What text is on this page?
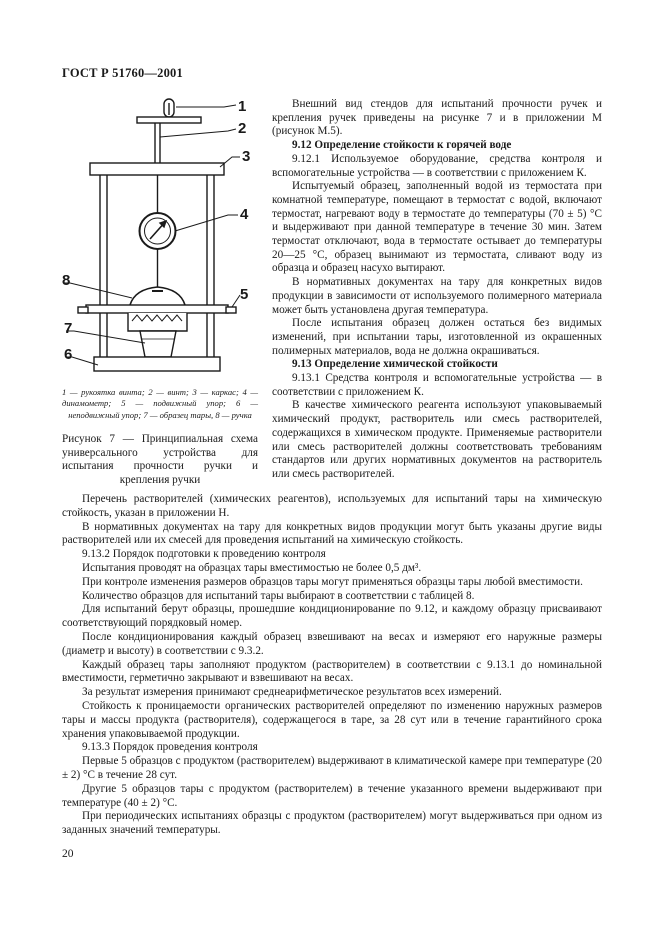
ГОСТ Р 51760—2001
1
2
3
4
5
8
7
6
1 — рукоятка винта; 2 — винт; 3 — каркас; 4 — динамометр; 5 — подвижный упор; 6 — неподвижный упор; 7 — образец тары, 8 — ручка
Рисунок 7 — Принципиальная схема универсального устройства для испытания прочности ручки и крепления ручки

Внешний вид стендов для испытаний прочности ручек и крепления ручек приведены на рисунке 7 и в приложении М (рисунок М.5).

9.12 Определение стойкости к горячей воде

9.12.1 Используемое оборудование, средства контроля и вспомогательные устройства — в соответствии с приложением К.

Испытуемый образец, заполненный водой из термостата при комнатной температуре, помещают в термостат с водой, включают термостат, нагревают воду в термостате до температуры (70 ± 5) °С и выдерживают при данной температуре в течение 30 мин. Затем термостат отключают, вода в термостате остывает до температуры 20—25 °С, образец вынимают из термостата, сливают воду из образца и образец насухо вытирают.

В нормативных документах на тару для конкретных видов продукции в зависимости от используемого полимерного материала может быть установлена другая температура.

После испытания образец должен остаться без видимых изменений, при испытании тары, изготовленной из окрашенных полимерных материалов, вода не должна окрашиваться.

9.13 Определение химической стойкости

9.13.1 Средства контроля и вспомогательные устройства — в соответствии с приложением К.

В качестве химического реагента используют упаковываемый химический продукт, растворитель или смесь растворителей, содержащихся в химическом продукте. Применяемые растворители или смесь растворителей должны соответствовать требованиям стандартов или других нормативных документов на растворитель или смесь растворителей.

Перечень растворителей (химических реагентов), используемых для испытаний тары на химическую стойкость, указан в приложении Н.

В нормативных документах на тару для конкретных видов продукции могут быть указаны другие виды растворителей или их смесей для проведения испытаний на химическую стойкость.

9.13.2 Порядок подготовки к проведению контроля

Испытания проводят на образцах тары вместимостью не более 0,5 дм³.

При контроле изменения размеров образцов тары могут применяться образцы тары любой вместимости.

Количество образцов для испытаний тары выбирают в соответствии с таблицей 8.

Для испытаний берут образцы, прошедшие кондиционирование по 9.12, и каждому образцу присваивают соответствующий порядковый номер.

После кондиционирования каждый образец взвешивают на весах и измеряют его наружные размеры (диаметр и высоту) в соответствии с 9.3.2.

Каждый образец тары заполняют продуктом (растворителем) в соответствии с 9.13.1 до номинальной вместимости, герметично закрывают и взвешивают на весах.

За результат измерения принимают среднеарифметическое результатов всех измерений.

Стойкость к проницаемости органических растворителей определяют по изменению наружных размеров тары и массы продукта (растворителя), содержащегося в таре, за 28 сут или в течение гарантийного срока хранения упаковываемой продукции.

9.13.3 Порядок проведения контроля

Первые 5 образцов с продуктом (растворителем) выдерживают в климатической камере при температуре (20 ± 2) °С в течение 28 сут.

Другие 5 образцов тары с продуктом (растворителем) в течение указанного времени выдерживают при температуре (40 ± 2) °С.

При периодических испытаниях образцы с продуктом (растворителем) могут выдерживаться при одном из заданных значений температуры.

20
